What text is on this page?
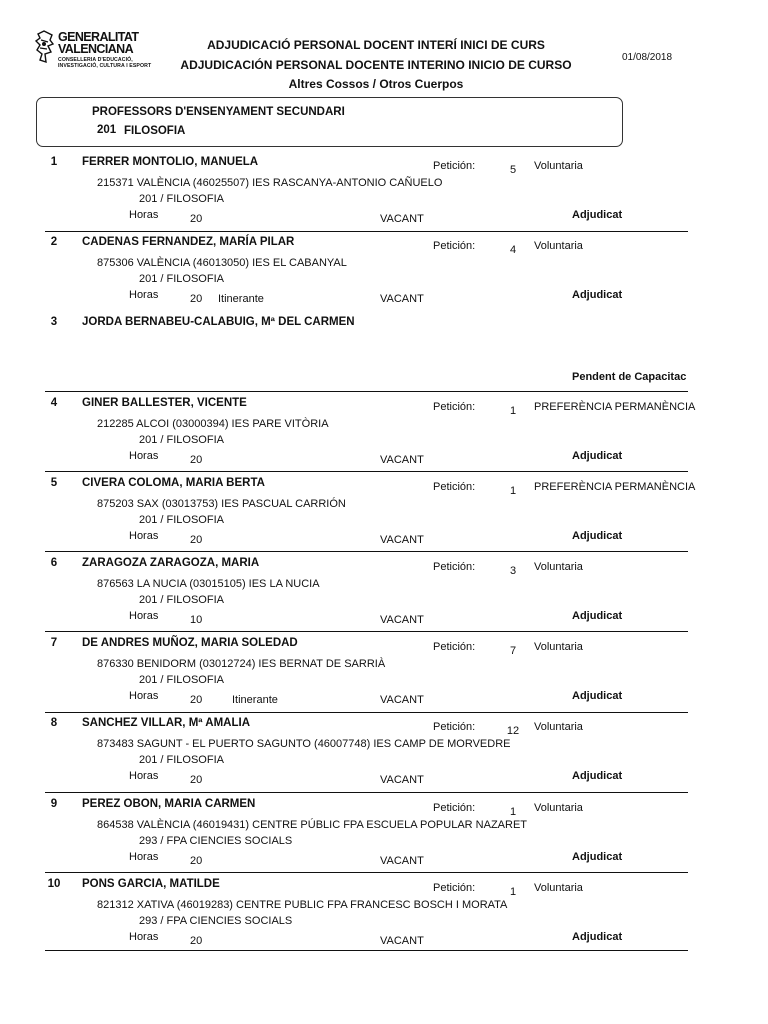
GENERALITAT
VALENCIANA
CONSELLERIA D'EDUCACIÓ,
INVESTIGACIÓ, CULTURA I ESPORT
ADJUDICACIÓ PERSONAL DOCENT INTERÍ INICI DE CURS
ADJUDICACIÓN PERSONAL DOCENTE INTERINO INICIO DE CURSO
Altres Cossos / Otros Cuerpos
01/08/2018
PROFESSORS D'ENSENYAMENT SECUNDARI
201 FILOSOFIA
1	FERRER MONTOLIO, MANUELA	Petición:	5	Voluntaria
215371 VALÈNCIA (46025507) IES RASCANYA-ANTONIO CAÑUELO
201 / FILOSOFIA
Horas	20	VACANT	Adjudicat
2	CADENAS FERNANDEZ, MARÍA PILAR	Petición:	4	Voluntaria
875306 VALÈNCIA (46013050) IES EL CABANYAL
201 / FILOSOFIA
Horas	20 Itinerante	VACANT	Adjudicat
3	JORDA BERNABEU-CALABUIG, Mª DEL CARMEN
Pendent de Capacitac
4	GINER BALLESTER, VICENTE	Petición:	1	PREFERÈNCIA PERMANÈNCIA
212285 ALCOI (03000394) IES PARE VITÒRIA
201 / FILOSOFIA
Horas	20	VACANT	Adjudicat
5	CIVERA COLOMA, MARIA BERTA	Petición:	1	PREFERÈNCIA PERMANÈNCIA
875203 SAX (03013753) IES PASCUAL CARRIÓN
201 / FILOSOFIA
Horas	20	VACANT	Adjudicat
6	ZARAGOZA ZARAGOZA, MARIA	Petición:	3	Voluntaria
876563 LA NUCIA (03015105) IES LA NUCIA
201 / FILOSOFIA
Horas	10	VACANT	Adjudicat
7	DE ANDRES MUÑOZ, MARIA SOLEDAD	Petición:	7	Voluntaria
876330 BENIDORM (03012724) IES BERNAT DE SARRIÀ
201 / FILOSOFIA
Horas	20	Itinerante	VACANT	Adjudicat
8	SANCHEZ VILLAR, Mª AMALIA	Petición:	12	Voluntaria
873483 SAGUNT - EL PUERTO SAGUNTO (46007748) IES CAMP DE MORVEDRE
201 / FILOSOFIA
Horas	20	VACANT	Adjudicat
9	PEREZ OBON, MARIA CARMEN	Petición:	1	Voluntaria
864538 VALÈNCIA (46019431) CENTRE PÚBLIC FPA ESCUELA POPULAR NAZARET
293 / FPA CIENCIES SOCIALS
Horas	20	VACANT	Adjudicat
10	PONS GARCIA, MATILDE	Petición:	1	Voluntaria
821312 XATIVA (46019283) CENTRE PUBLIC FPA FRANCESC BOSCH I MORATA
293 / FPA CIENCIES SOCIALS
Horas	20	VACANT	Adjudicat
